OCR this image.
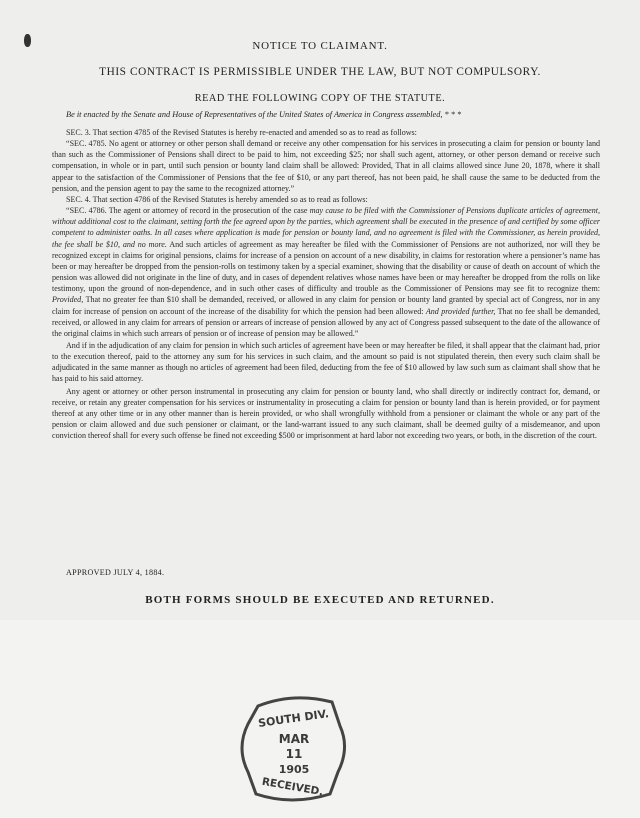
NOTICE TO CLAIMANT.
THIS CONTRACT IS PERMISSIBLE UNDER THE LAW, BUT NOT COMPULSORY.
READ THE FOLLOWING COPY OF THE STATUTE.
Be it enacted by the Senate and House of Representatives of the United States of America in Congress assembled, * * *

SEC. 3. That section 4785 of the Revised Statutes is hereby re-enacted and amended so as to read as follows:

“SEC. 4785. No agent or attorney or other person shall demand or receive any other compensation for his services in prosecuting a claim for pension or bounty land than such as the Commissioner of Pensions shall direct to be paid to him, not exceeding $25; nor shall such agent, attorney, or other person demand or receive such compensation, in whole or in part, until such pension or bounty land claim shall be allowed: Provided, That in all claims allowed since June 20, 1878, where it shall appear to the satisfaction of the Commissioner of Pensions that the fee of $10, or any part thereof, has not been paid, he shall cause the same to be deducted from the pension, and the pension agent to pay the same to the recognized attorney.”

SEC. 4. That section 4786 of the Revised Statutes is hereby amended so as to read as follows:

“SEC. 4786. The agent or attorney of record in the prosecution of the case may cause to be filed with the Commissioner of Pensions duplicate articles of agreement, without additional cost to the claimant, setting forth the fee agreed upon by the parties, which agreement shall be executed in the presence of and certified by some officer competent to administer oaths. In all cases where application is made for pension or bounty land, and no agreement is filed with the Commissioner, as herein provided, the fee shall be $10, and no more. And such articles of agreement as may hereafter be filed with the Commissioner of Pensions are not authorized, nor will they be recognized except in claims for original pensions, claims for increase of a pension on account of a new disability, in claims for restoration where a pensioner’s name has been or may hereafter be dropped from the pension-rolls on testimony taken by a special examiner, showing that the disability or cause of death on account of which the pension was allowed did not originate in the line of duty, and in cases of dependent relatives whose names have been or may hereafter be dropped from the rolls on like testimony, upon the ground of non-dependence, and in such other cases of difficulty and trouble as the Commissioner of Pensions may see fit to recognize them: Provided, That no greater fee than $10 shall be demanded, received, or allowed in any claim for pension or bounty land granted by special act of Congress, nor in any claim for increase of pension on account of the increase of the disability for which the pension had been allowed: And provided further, That no fee shall be demanded, received, or allowed in any claim for arrears of pension or arrears of increase of pension allowed by any act of Congress passed subsequent to the date of the allowance of the original claims in which such arrears of pension or of increase of pension may be allowed.”

And if in the adjudication of any claim for pension in which such articles of agreement have been or may hereafter be filed, it shall appear that the claimant had, prior to the execution thereof, paid to the attorney any sum for his services in such claim, and the amount so paid is not stipulated therein, then every such claim shall be adjudicated in the same manner as though no articles of agreement had been filed, deducting from the fee of $10 allowed by law such sum as claimant shall show that he has paid to his said attorney.

Any agent or attorney or other person instrumental in prosecuting any claim for pension or bounty land, who shall directly or indirectly contract for, demand, or receive, or retain any greater compensation for his services or instrumentality in prosecuting a claim for pension or bounty land than is herein provided, or for payment thereof at any other time or in any other manner than is herein provided, or who shall wrongfully withhold from a pensioner or claimant the whole or any part of the pension or claim allowed and due such pensioner or claimant, or the land-warrant issued to any such claimant, shall be deemed guilty of a misdemeanor, and upon conviction thereof shall for every such offense be fined not exceeding $500 or imprisonment at hard labor not exceeding two years, or both, in the discretion of the court.

APPROVED JULY 4, 1884.
BOTH FORMS SHOULD BE EXECUTED AND RETURNED.
SOUTH DIV.
MAR
11
1905
RECEIVED.
